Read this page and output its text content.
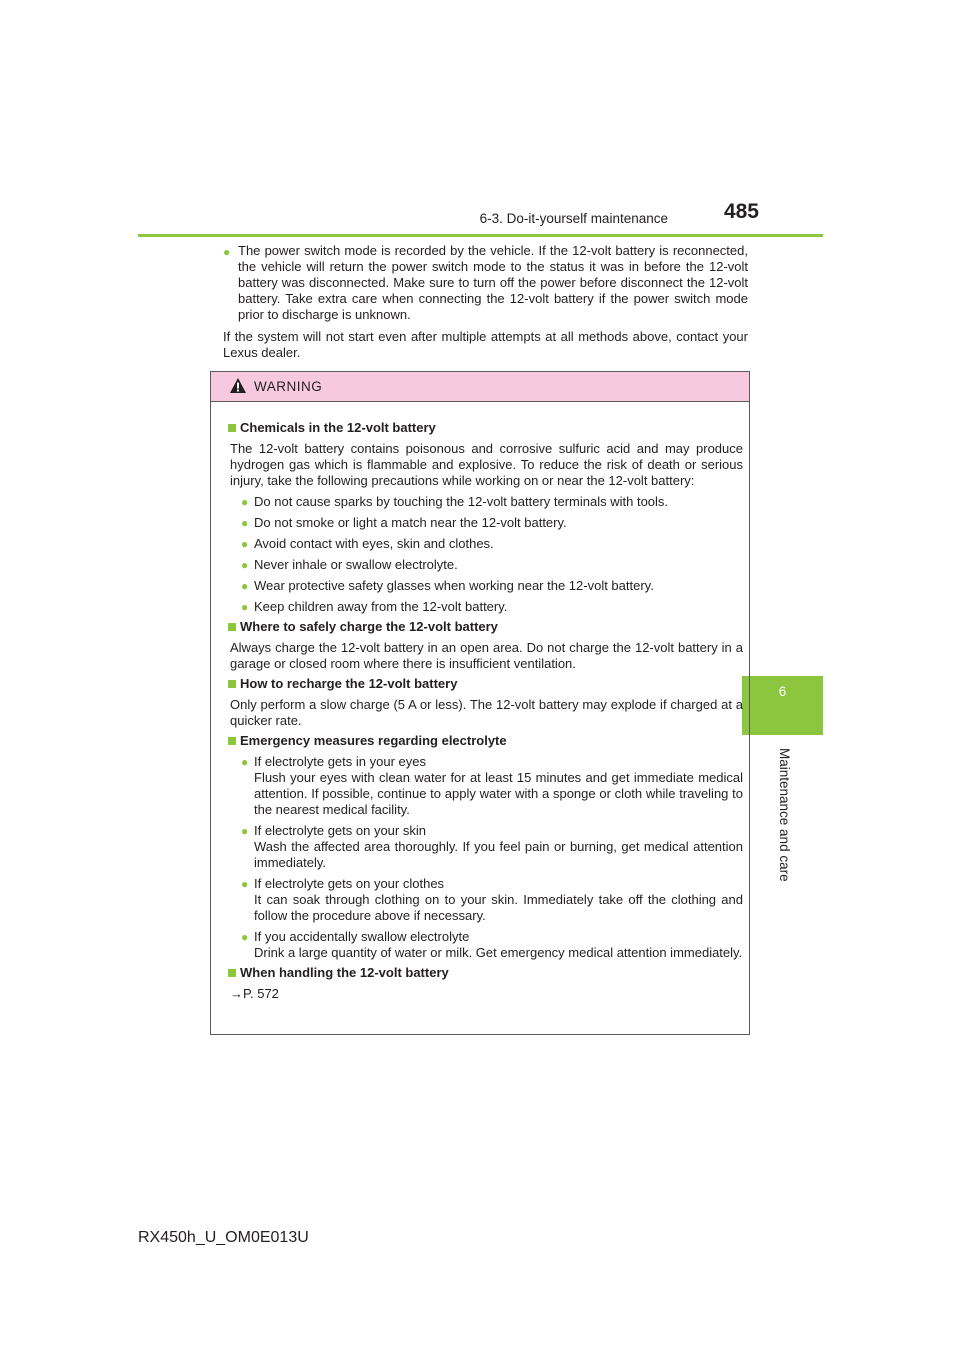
6-3. Do-it-yourself maintenance	485
6
Maintenance and care
● The power switch mode is recorded by the vehicle. If the 12-volt battery is reconnected, the vehicle will return the power switch mode to the status it was in before the 12-volt battery was disconnected. Make sure to turn off the power before disconnect the 12-volt battery. Take extra care when connecting the 12-volt battery if the power switch mode prior to discharge is unknown.

If the system will not start even after multiple attempts at all methods above, contact your Lexus dealer.

WARNING
Chemicals in the 12-volt battery

The 12-volt battery contains poisonous and corrosive sulfuric acid and may produce hydrogen gas which is flammable and explosive. To reduce the risk of death or serious injury, take the following precautions while working on or near the 12-volt battery:

● Do not cause sparks by touching the 12-volt battery terminals with tools.
● Do not smoke or light a match near the 12-volt battery.
● Avoid contact with eyes, skin and clothes.
● Never inhale or swallow electrolyte.
● Wear protective safety glasses when working near the 12-volt battery.
● Keep children away from the 12-volt battery.
Where to safely charge the 12-volt battery

Always charge the 12-volt battery in an open area. Do not charge the 12-volt battery in a garage or closed room where there is insufficient ventilation.

How to recharge the 12-volt battery

Only perform a slow charge (5 A or less). The 12-volt battery may explode if charged at a quicker rate.

Emergency measures regarding electrolyte
● If electrolyte gets in your eyes
Flush your eyes with clean water for at least 15 minutes and get immediate medical attention. If possible, continue to apply water with a sponge or cloth while traveling to the nearest medical facility.
● If electrolyte gets on your skin
Wash the affected area thoroughly. If you feel pain or burning, get medical attention immediately.
● If electrolyte gets on your clothes
It can soak through clothing on to your skin. Immediately take off the clothing and follow the procedure above if necessary.
● If you accidentally swallow electrolyte
Drink a large quantity of water or milk. Get emergency medical attention immediately.
When handling the 12-volt battery

→P. 572

RX450h_U_OM0E013U
